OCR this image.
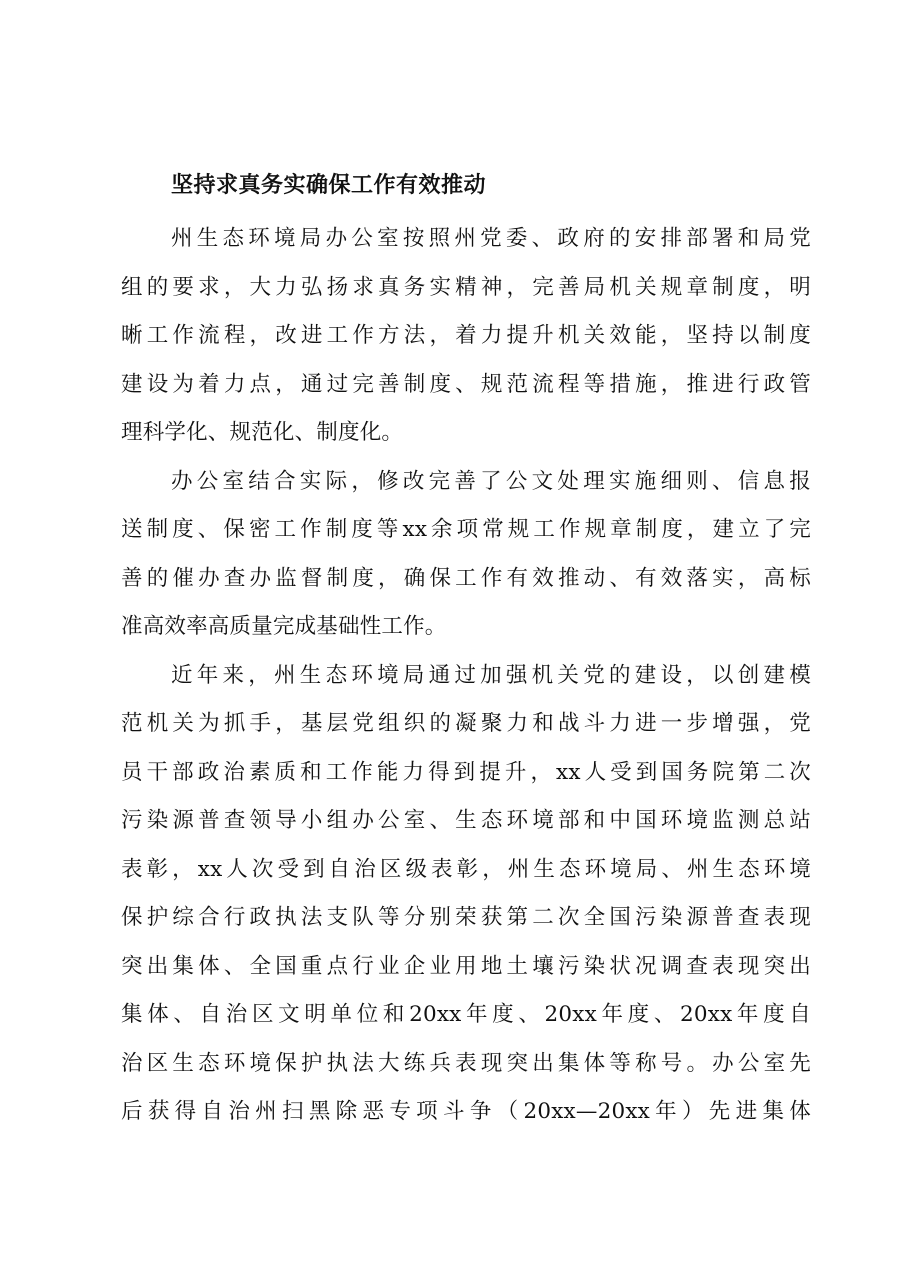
坚持求真务实确保工作有效推动
州生态环境局办公室按照州党委、政府的安排部署和局党
组的要求，大力弘扬求真务实精神，完善局机关规章制度，明
晰工作流程，改进工作方法，着力提升机关效能，坚持以制度
建设为着力点，通过完善制度、规范流程等措施，推进行政管
理科学化、规范化、制度化。
办公室结合实际，修改完善了公文处理实施细则、信息报
送制度、保密工作制度等xx余项常规工作规章制度，建立了完
善的催办查办监督制度，确保工作有效推动、有效落实，高标
准高效率高质量完成基础性工作。
近年来，州生态环境局通过加强机关党的建设，以创建模
范机关为抓手，基层党组织的凝聚力和战斗力进一步增强，党
员干部政治素质和工作能力得到提升，xx人受到国务院第二次
污染源普查领导小组办公室、生态环境部和中国环境监测总站
表彰，xx人次受到自治区级表彰，州生态环境局、州生态环境
保护综合行政执法支队等分别荣获第二次全国污染源普查表现
突出集体、全国重点行业企业用地土壤污染状况调查表现突出
集体、自治区文明单位和20xx年度、20xx年度、20xx年度自
治区生态环境保护执法大练兵表现突出集体等称号。办公室先
后获得自治州扫黑除恶专项斗争（20xx—20xx年）先进集体
